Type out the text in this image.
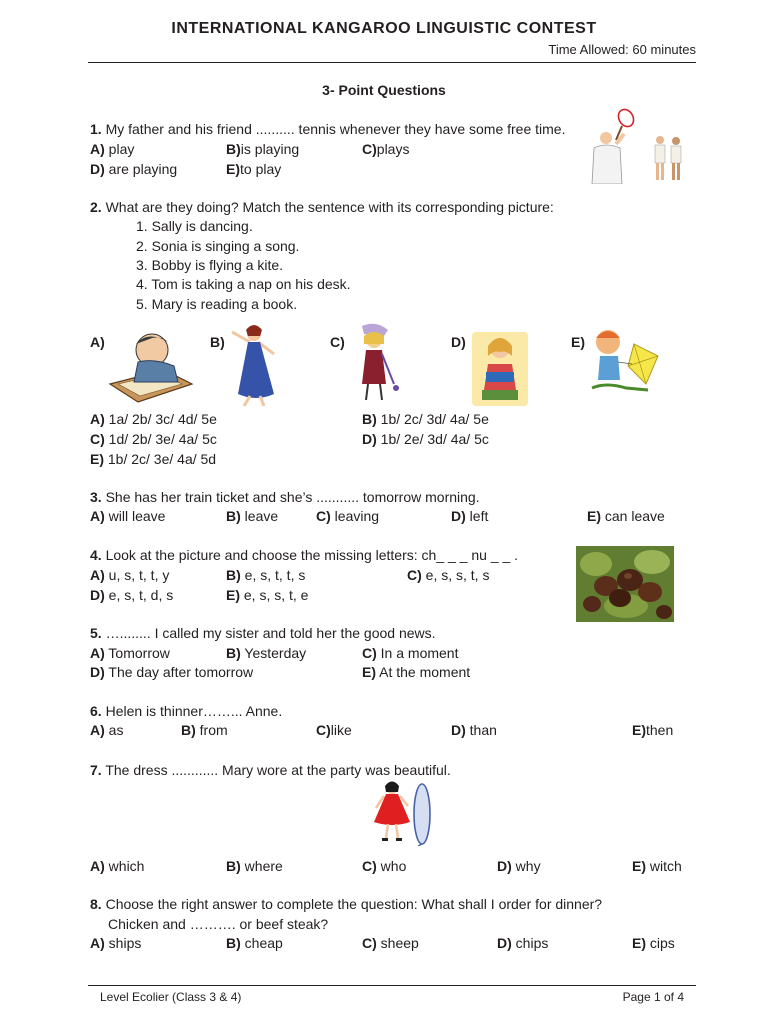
INTERNATIONAL KANGAROO LINGUISTIC CONTEST
Time Allowed: 60 minutes
3- Point Questions
1. My father and his friend .......... tennis whenever they have some free time.
A) play	B)is playing	C)plays
D) are playing	E)to play
2. What are they doing? Match the sentence with its corresponding picture:
1. Sally is dancing.
2. Sonia is singing a song.
3. Bobby is flying a kite.
4. Tom is taking a nap on his desk.
5. Mary is reading a book.
A)	B)	C)	D)	E)
A) 1a/ 2b/ 3c/ 4d/ 5e	B) 1b/ 2c/ 3d/ 4a/ 5e
C) 1d/ 2b/ 3e/ 4a/ 5c	D) 1b/ 2e/ 3d/ 4a/ 5c
E) 1b/ 2c/ 3e/ 4a/ 5d
3. She has her train ticket and she’s ........... tomorrow morning.
A) will leave	B) leave	C) leaving	D) left	E) can leave
4. Look at the picture and choose the missing letters: ch_ _ _ nu _ _ .
A) u, s, t, t, y	B) e, s, t, t, s	C) e, s, s, t, s
D) e, s, t, d, s	E) e, s, s, t, e
5. …........ I called my sister and told her the good news.
A) Tomorrow	B) Yesterday	C) In a moment
D) The day after tomorrow	E) At the moment
6. Helen is thinner……... Anne.
A) as	B) from	C)like	D) than	E)then
7. The dress ............ Mary wore at the party was beautiful.
A) which	B) where	C) who	D) why	E) witch
8. Choose the right answer to complete the question: What shall I order for dinner?
Chicken and ………. or beef steak?
A) ships	B) cheap	C) sheep	D) chips	E) cips
Level Ecolier (Class 3 & 4)	Page 1 of 4
